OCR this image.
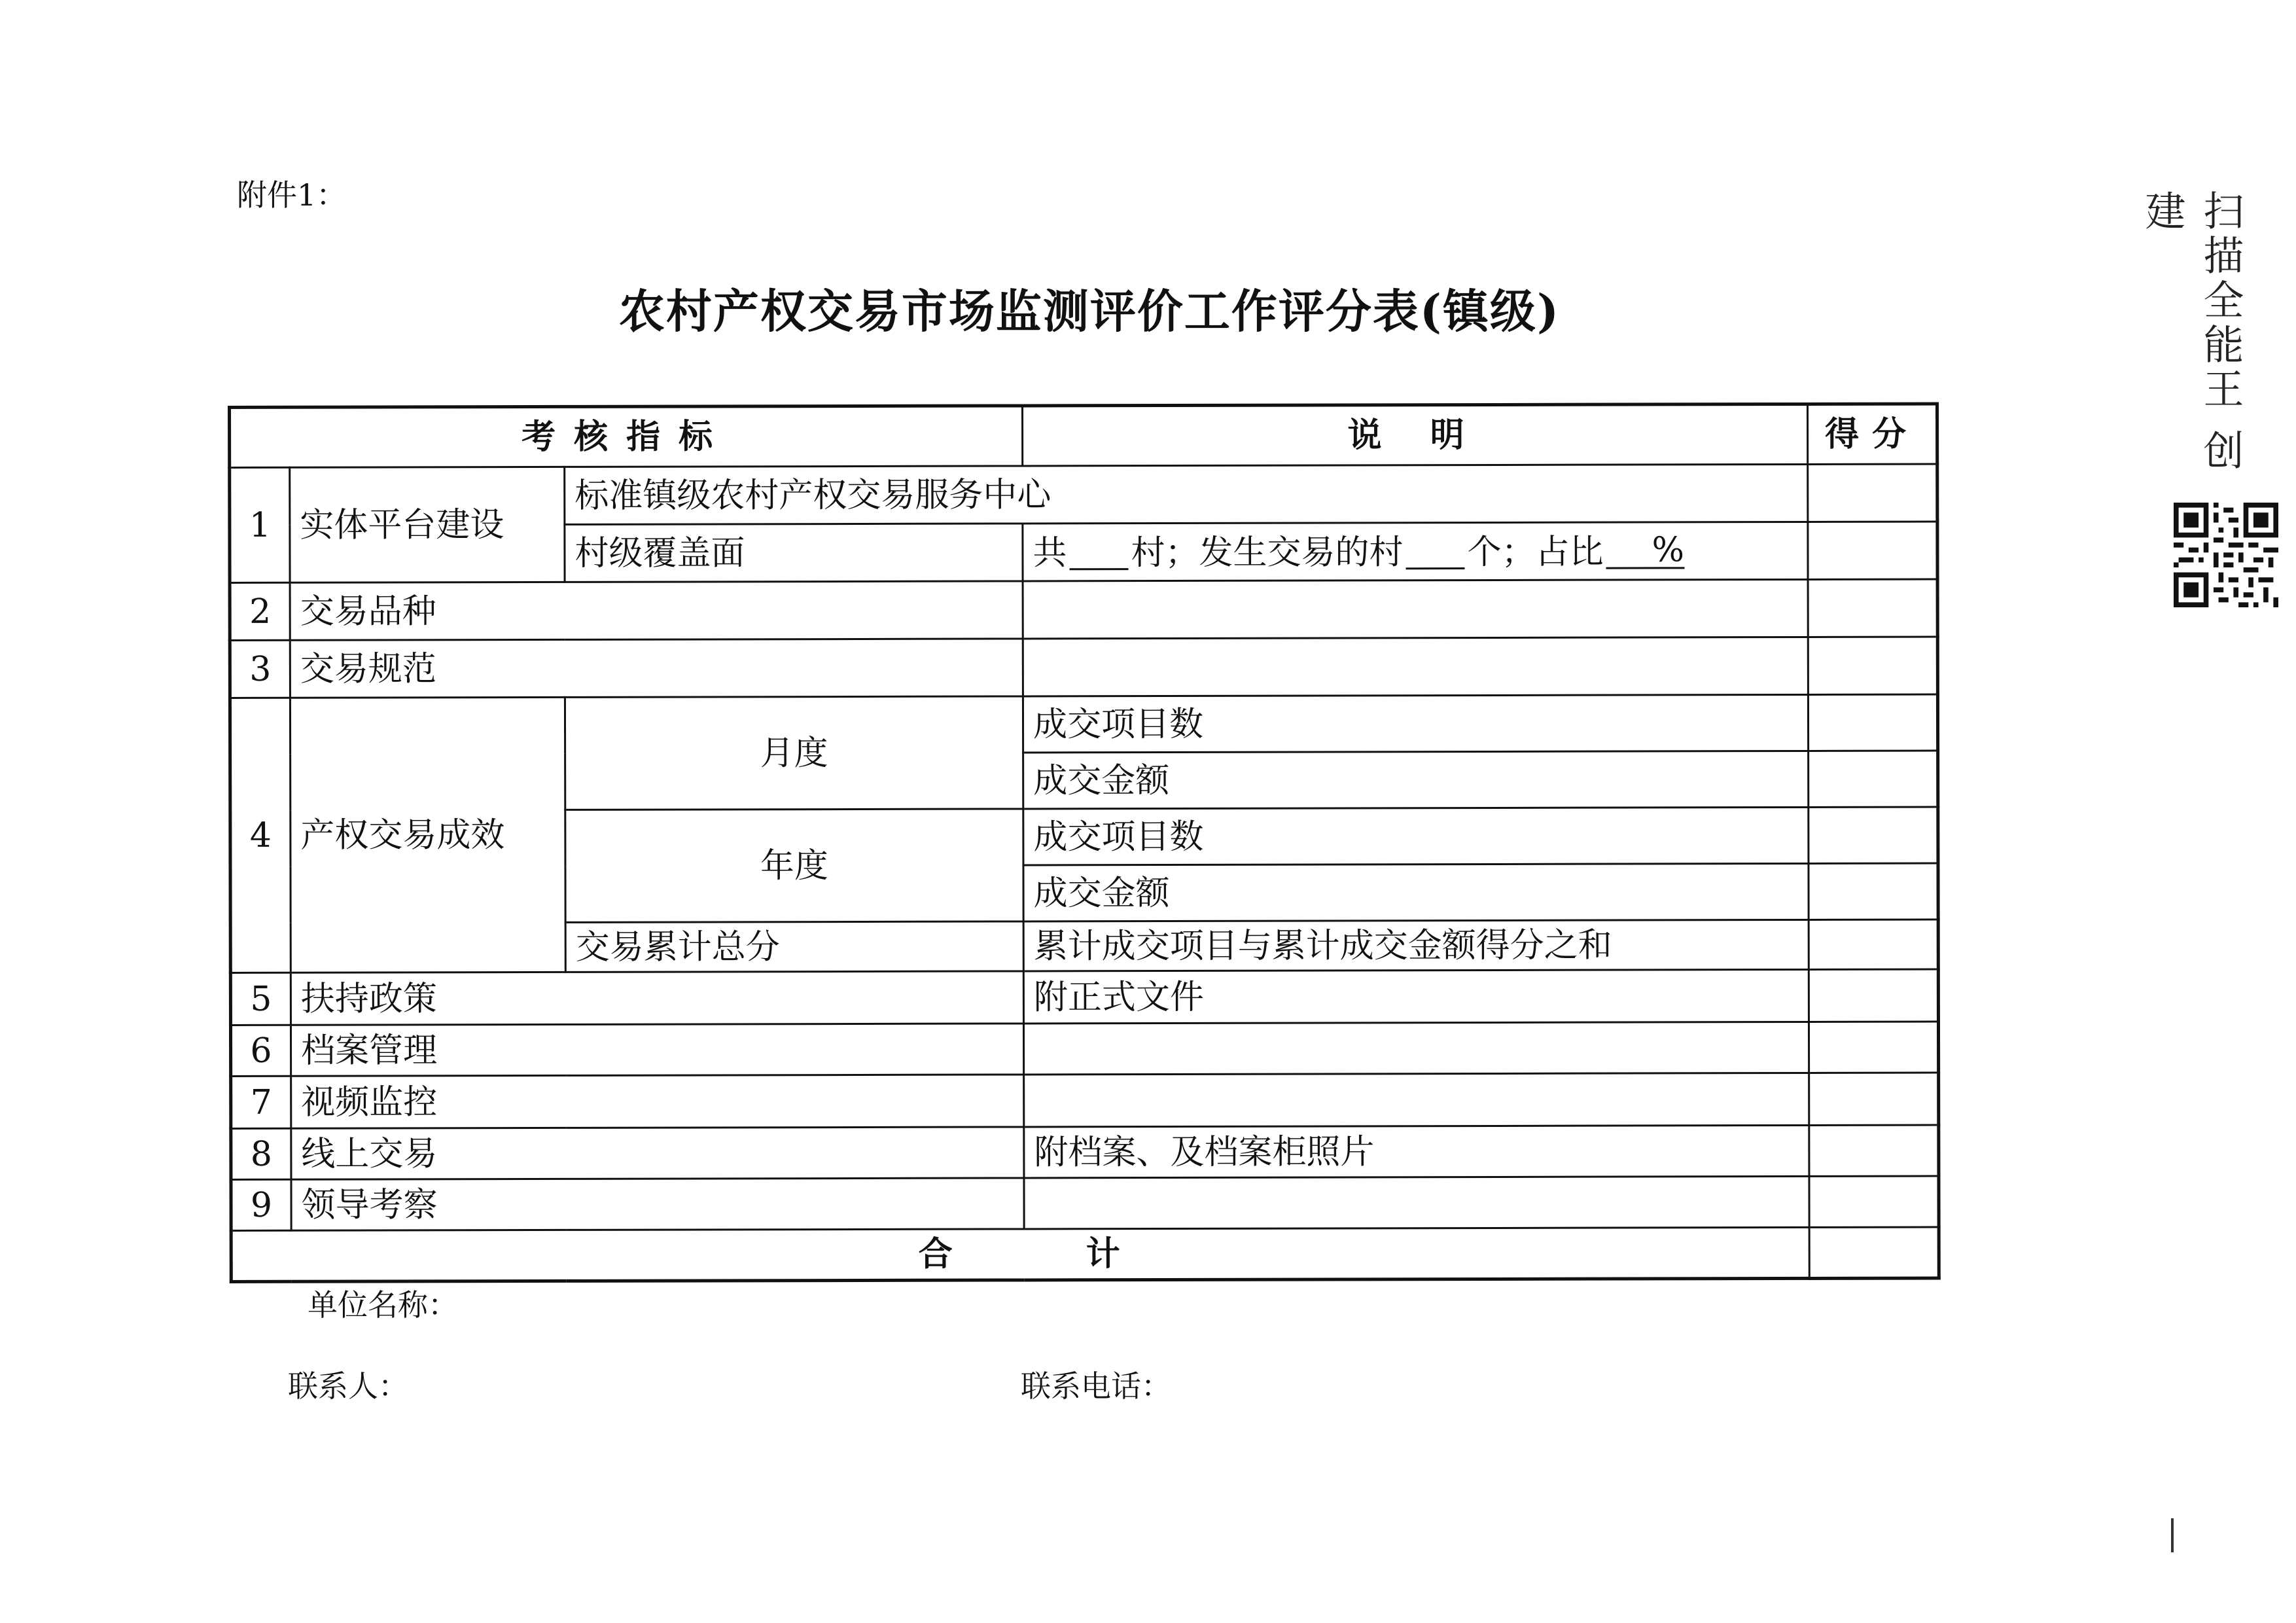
附件1：
农村产权交易市场监测评价工作评分表(镇级)
考核指标			说 明	得分
1	实体平台建设	标准镇级农村产权交易服务中心		
		村级覆盖面	共 村；发生交易的村 个；占比 %	
2	交易品种			
3	交易规范			
4	产权交易成效	月度	成交项目数	
			成交金额	
		年度	成交项目数	
			成交金额	
		交易累计总分	累计成交项目与累计成交金额得分之和	
5	扶持政策		附正式文件	
6	档案管理			
7	视频监控			
8	线上交易		附档案、及档案柜照片	
9	领导考察			
合 计				
单位名称：
联系人：	联系电话：
扫描全能王 创建
